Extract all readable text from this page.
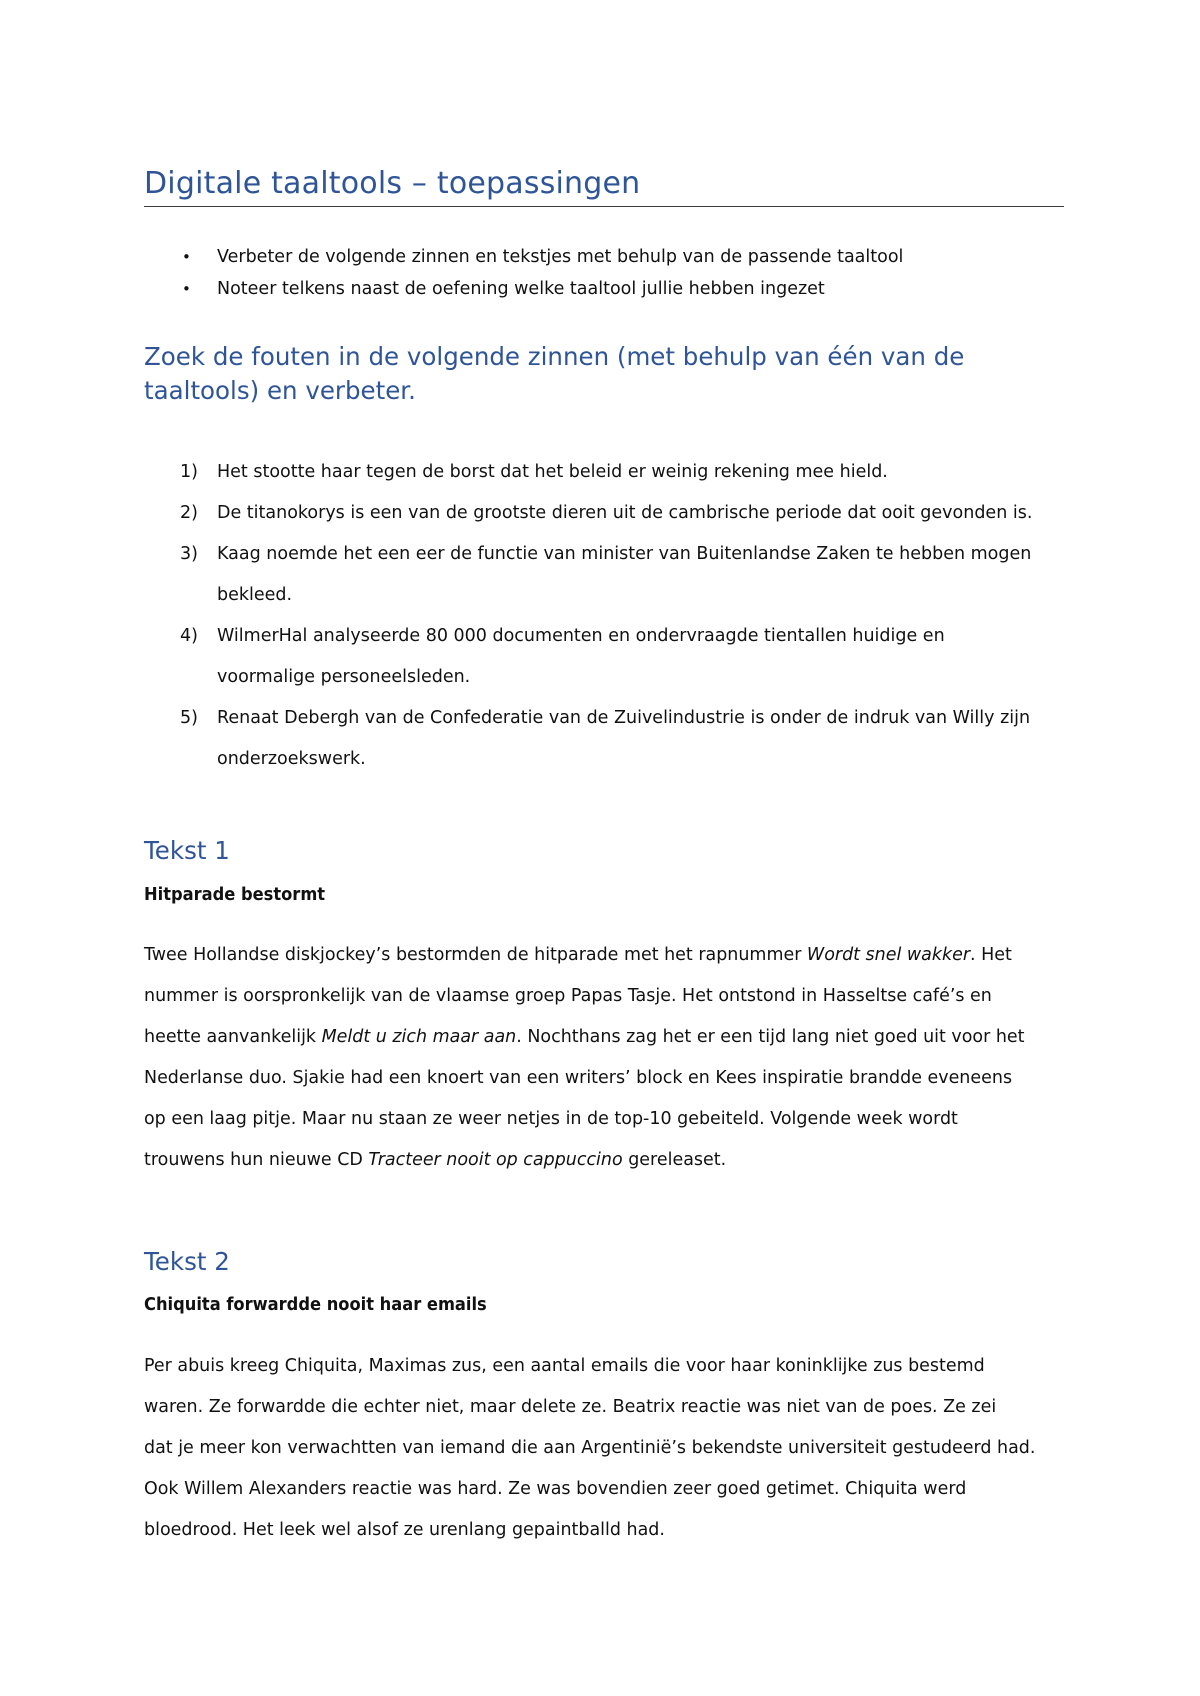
Digitale taaltools – toepassingen
• Verbeter de volgende zinnen en tekstjes met behulp van de passende taaltool
• Noteer telkens naast de oefening welke taaltool jullie hebben ingezet
Zoek de fouten in de volgende zinnen (met behulp van één van de
taaltools) en verbeter.
1) Het stootte haar tegen de borst dat het beleid er weinig rekening mee hield.
2) De titanokorys is een van de grootste dieren uit de cambrische periode dat ooit gevonden is.
3) Kaag noemde het een eer de functie van minister van Buitenlandse Zaken te hebben mogen
bekleed.
4) WilmerHal analyseerde 80 000 documenten en ondervraagde tientallen huidige en
voormalige personeelsleden.
5) Renaat Debergh van de Confederatie van de Zuivelindustrie is onder de indruk van Willy zijn
onderzoekswerk.
Tekst 1
Hitparade bestormt
Twee Hollandse diskjockey’s bestormden de hitparade met het rapnummer Wordt snel wakker. Het nummer is oorspronkelijk van de vlaamse groep Papas Tasje. Het ontstond in Hasseltse café’s en heette aanvankelijk Meldt u zich maar aan. Nochthans zag het er een tijd lang niet goed uit voor het Nederlanse duo. Sjakie had een knoert van een writers’ block en Kees inspiratie brandde eveneens op een laag pitje. Maar nu staan ze weer netjes in de top-10 gebeiteld. Volgende week wordt trouwens hun nieuwe CD Tracteer nooit op cappuccino gereleaset.
Tekst 2
Chiquita forwardde nooit haar emails
Per abuis kreeg Chiquita, Maximas zus, een aantal emails die voor haar koninklijke zus bestemd waren. Ze forwardde die echter niet, maar delete ze. Beatrix reactie was niet van de poes. Ze zei dat je meer kon verwachtten van iemand die aan Argentinië’s bekendste universiteit gestudeerd had. Ook Willem Alexanders reactie was hard. Ze was bovendien zeer goed getimet. Chiquita werd bloedrood. Het leek wel alsof ze urenlang gepaintballd had.
